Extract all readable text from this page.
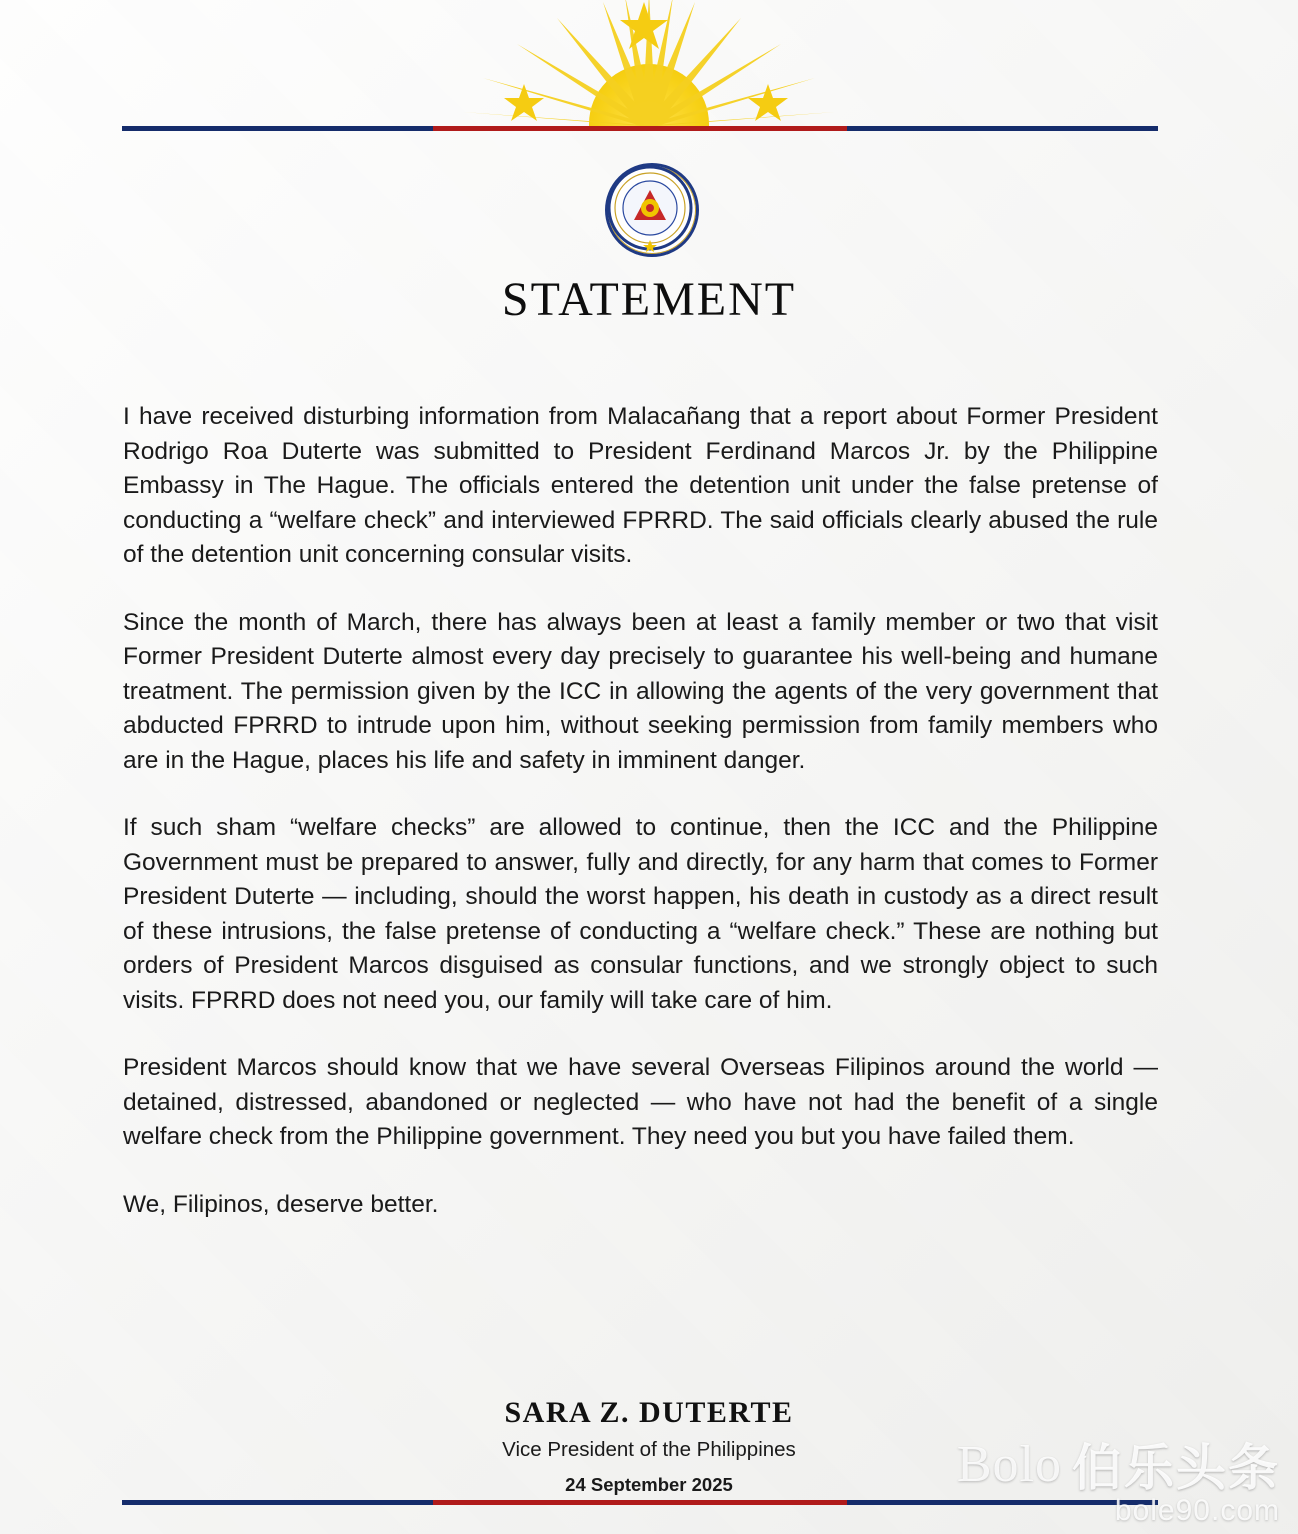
STATEMENT

I have received disturbing information from Malacañang that a report about Former President Rodrigo Roa Duterte was submitted to President Ferdinand Marcos Jr. by the Philippine Embassy in The Hague. The officials entered the detention unit under the false pretense of conducting a “welfare check” and interviewed FPRRD. The said officials clearly abused the rule of the detention unit concerning consular visits.

Since the month of March, there has always been at least a family member or two that visit Former President Duterte almost every day precisely to guarantee his well-being and humane treatment. The permission given by the ICC in allowing the agents of the very government that abducted FPRRD to intrude upon him, without seeking permission from family members who are in the Hague, places his life and safety in imminent danger.

If such sham “welfare checks” are allowed to continue, then the ICC and the Philippine Government must be prepared to answer, fully and directly, for any harm that comes to Former President Duterte — including, should the worst happen, his death in custody as a direct result of these intrusions, the false pretense of conducting a “welfare check.” These are nothing but orders of President Marcos disguised as consular functions, and we strongly object to such visits. FPRRD does not need you, our family will take care of him.

President Marcos should know that we have several Overseas Filipinos around the world — detained, distressed, abandoned or neglected — who have not had the benefit of a single welfare check from the Philippine government. They need you but you have failed them.

We, Filipinos, deserve better.

SARA Z. DUTERTE
Vice President of the Philippines
24 September 2025	Bolo 伯乐头条
bole90.com
